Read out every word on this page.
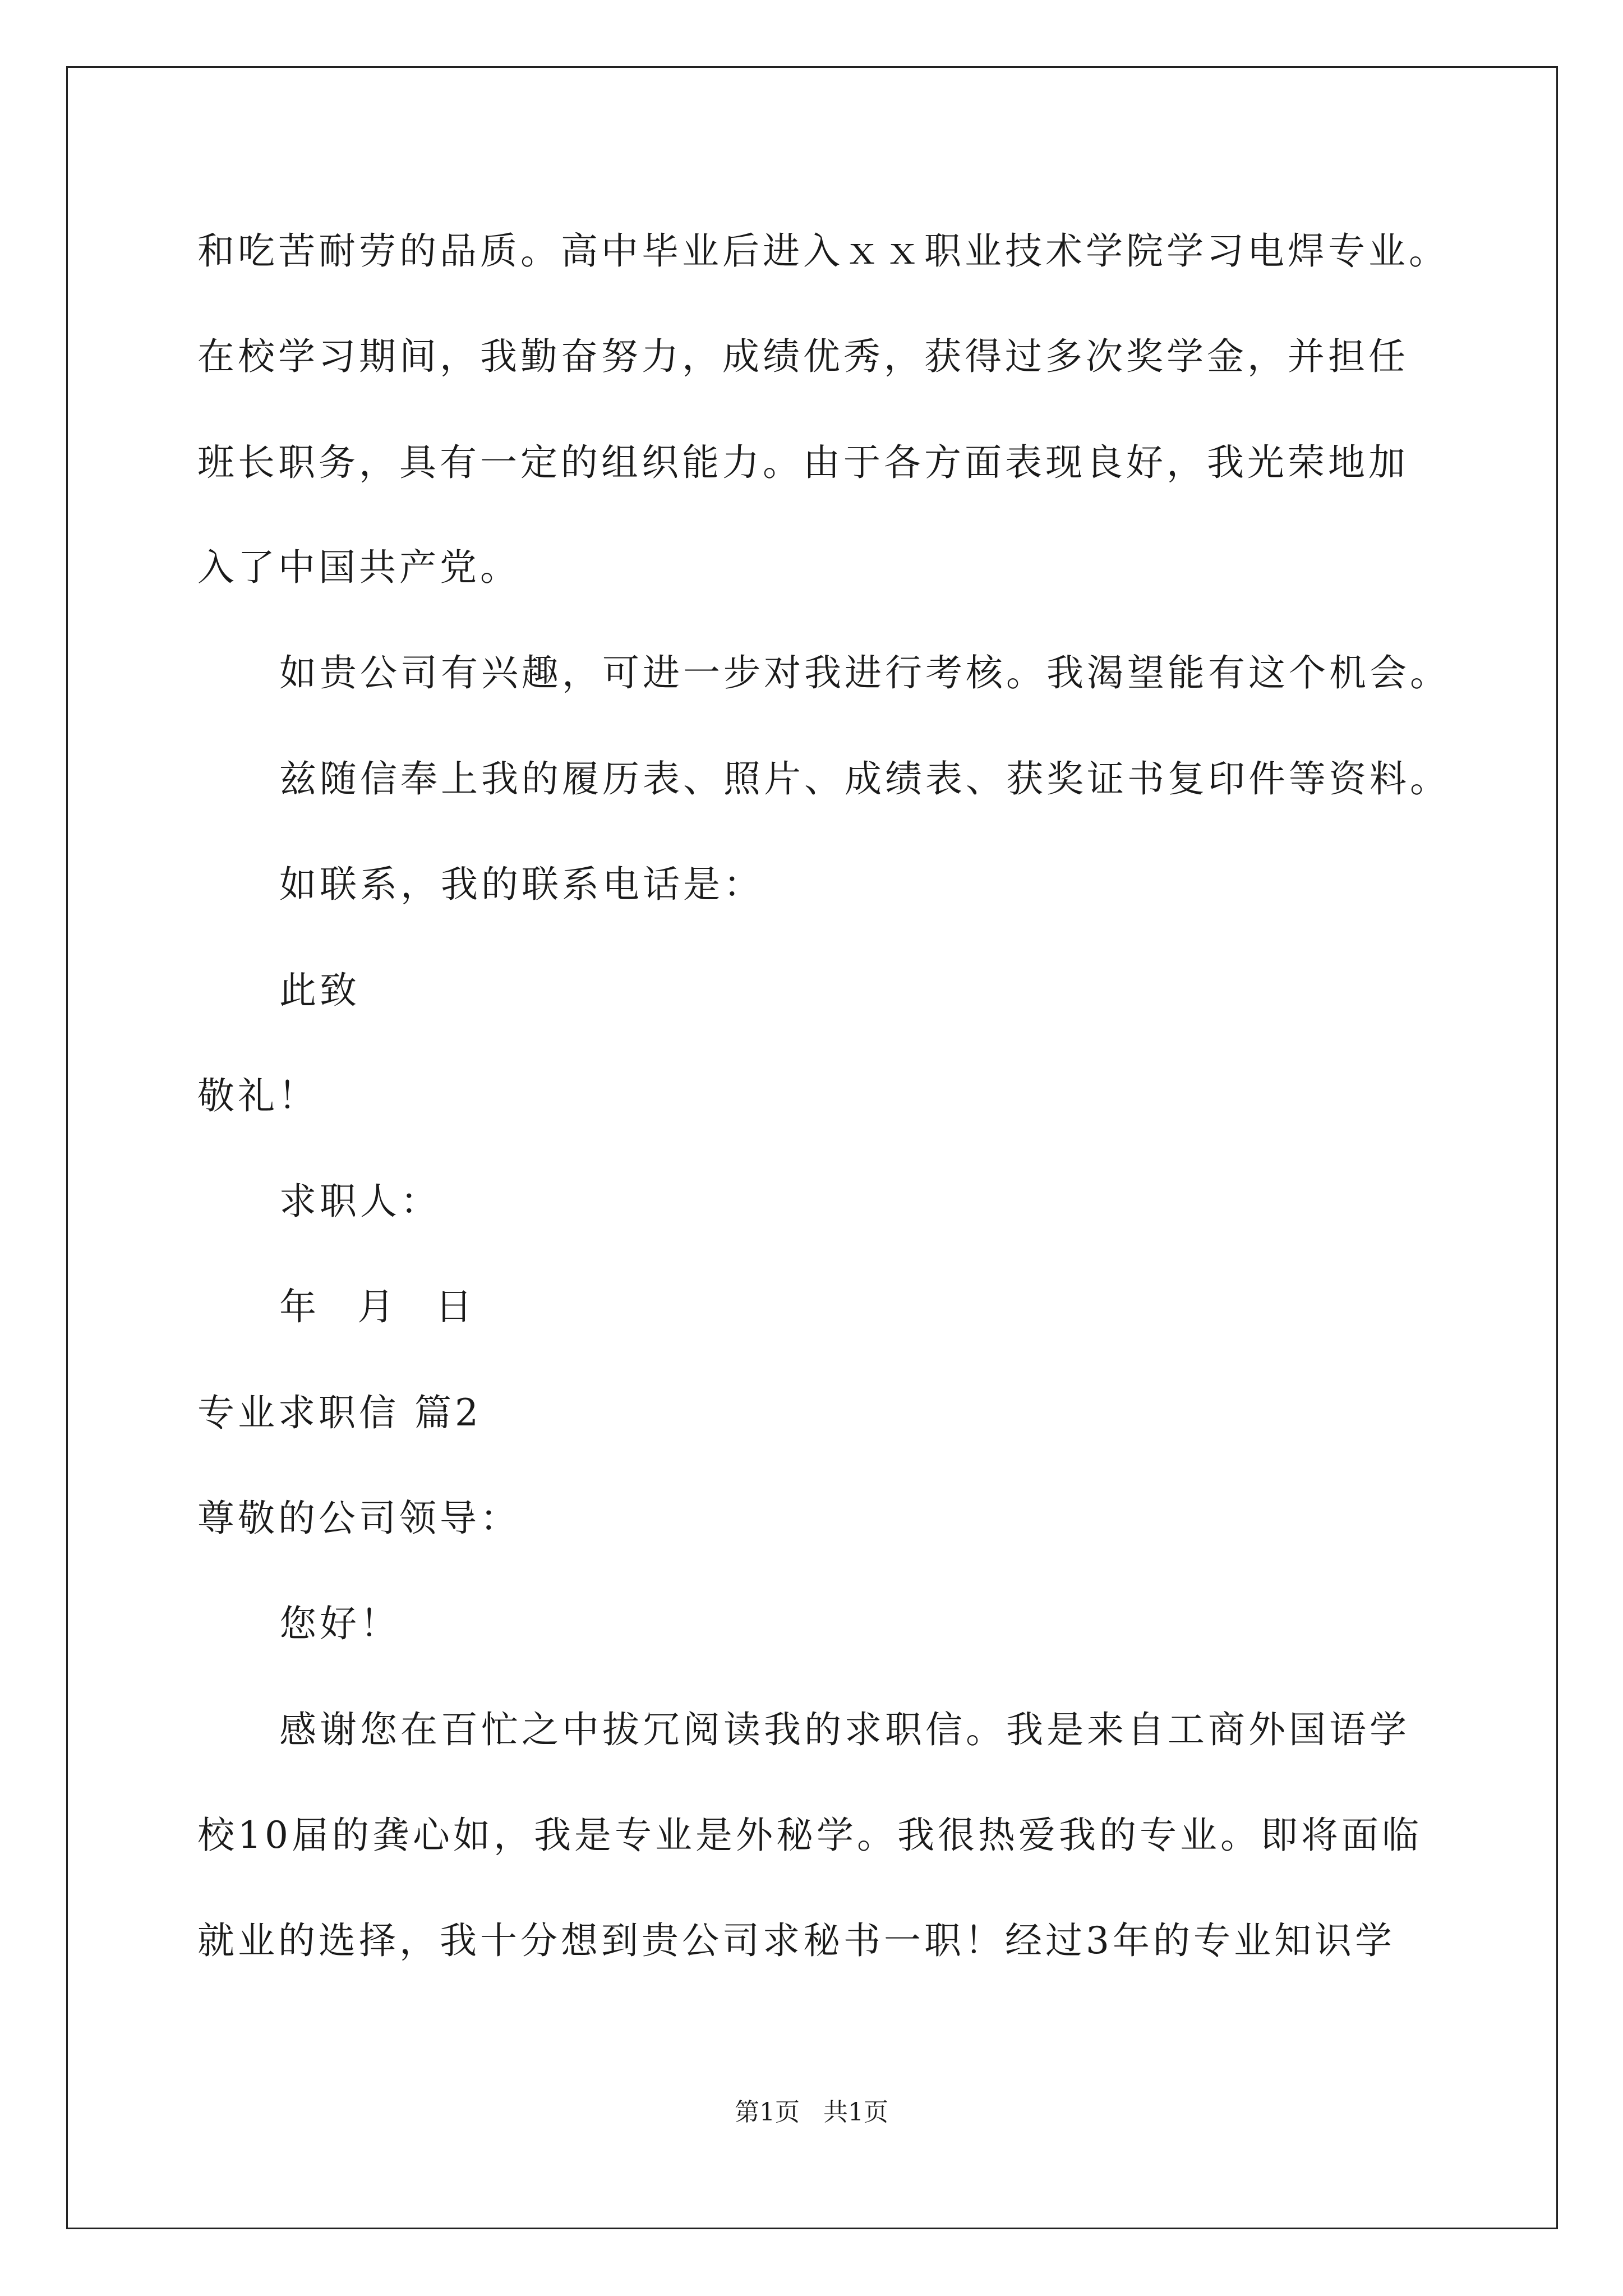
和吃苦耐劳的品质。高中毕业后进入ｘｘ职业技术学院学习电焊专业。
在校学习期间，我勤奋努力，成绩优秀，获得过多次奖学金，并担任
班长职务，具有一定的组织能力。由于各方面表现良好，我光荣地加
入了中国共产党。
如贵公司有兴趣，可进一步对我进行考核。我渴望能有这个机会。
兹随信奉上我的履历表、照片、成绩表、获奖证书复印件等资料。
如联系，我的联系电话是：
此致
敬礼！
求职人：
年 月 日
专业求职信 篇2
尊敬的公司领导：
您好！
感谢您在百忙之中拔冗阅读我的求职信。我是来自工商外国语学
校10届的龚心如，我是专业是外秘学。我很热爱我的专业。即将面临
就业的选择，我十分想到贵公司求秘书一职！经过3年的专业知识学
第1页   共1页
